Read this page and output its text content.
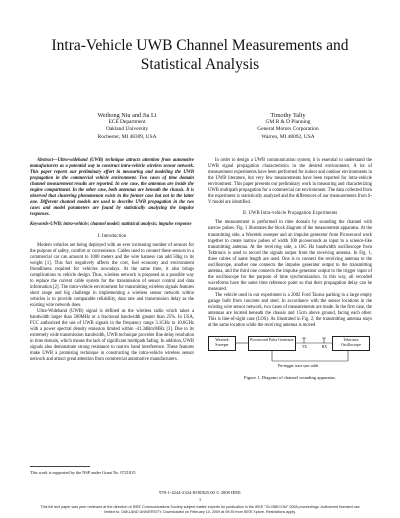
Intra-Vehicle UWB Channel Measurements and Statistical Analysis
Weihong Niu and Jia Li
ECE Department
Oakland University
Rochester, MI 48309, USA
Timothy Talty
GM R & D Planning
General Motors Corporation
Warren, MI 48092, USA

Abstract—Ultra-wideband (UWB) technique attracts attention from automotive manufacturers as a potential way to construct intra-vehicle wireless sensor network. This paper reports our preliminary effort in measuring and modeling the UWB propagation in the commercial vehicle environment. Two cases of time domain channel measurement results are reported. In one case, the antennas are inside the engine compartment. In the other case, both antennas are beneath the chassis. It is observed that clustering phenomenon exists in the former case but not in the latter one. Different channel models are used to describe UWB propagation in the two cases and model parameters are found by statistically analyzing the impulse responses.

Keywords-UWB; intra-vehicle; channel model; statistical analysis; impulse response

I. Introduction

Modern vehicles are being deployed with an ever increasing number of sensors for the purpose of safety, comfort or convenience. Cables used to connect these sensors in a commercial car can amount to 1000 meters and the wire harness can add 50kg to its weight [1]. This fact negatively affects the cost, fuel economy and environment friendliness required for vehicles nowadays. At the same time, it also brings complications to vehicle design. Thus, wireless network is proposed as a possible way to replace the current cable system for the transmission of sensor control and data information [2]. The intra-vehicle environment for transmitting wireless signals features short range and big challenge in implementing a wireless sensor network within vehicles is to provide comparable reliability, data rate and transmission delay as the existing wire network does.

Ultra-Wideband (UWB) signal is defined as the wireless radio which takes a bandwidth larger than 500MHz or a fractional bandwidth greater than 25%. In USA, FCC authorized the use of UWB signals in the frequency range 3.1GHz to 10.6GHz with a power spectral density emission limited within -41.3dBm/MHz [3]. Due to its extremely wide transmission bandwidth, UWB technique provides fine delay resolution in time domain, which means the lack of significant multipath fading. In addition, UWB signals also demonstrate strong resistance to narrow band interference. These features make UWB a promising technique in constructing the intra-vehicle wireless sensor network and attract great attention from commercial automotive manufacturers.

In order to design a UWB communication system, it is essential to understand the UWB signal propagation characteristics in the desired environment. A lot of measurement experiments have been performed for indoor and outdoor environments in the UWB literature, but very few measurements have been reported for intra-vehicle environment. This paper presents our preliminary work in measuring and characterizing UWB multipath propagation for a commercial car environment. The data collected from the experiment is statistically analyzed and the differences of our measurements from S-V model are identified.

II. UWB Intra-vehicle Propagation Experiments

The measurement is performed in time domain by sounding the channel with narrow pulses. Fig. 1 illustrates the block diagram of the measurement apparatus. At the transmitting side, a Wavetek sweeper and an impulse generator from Picosecond work together to create narrow pulses of width 100 picoseconds as input to a science-like transmitting antenna. At the receiving side, a 10G Hz bandwidth oscilloscope from Tektronix is used to record the signals output from the receiving antenna. In Fig. 1, three cables of same length are used. One is to connect the receiving antenna to the oscilloscope, another one connects the impulse generator output to the transmitting antenna, and the third one connects the impulse generator output to the trigger input of the oscilloscope for the purpose of time synchronization. In this way, all recorded waveforms have the same time reference point so that their propagation delay can be measured.

The vehicle used in our experiment is a 2002 Ford Taurus parking in a large empty garage built from concrete and steel. In accordance with the sensor locations in the existing wire sensor network, two cases of measurements are made. In the first case, the antennas are located beneath the chassis and 15cm above ground, facing each other. This is line-of-sight case (LOS). As illustrated in Fig. 2, the transmitting antenna stays at the same location while the receiving antenna is moved

TX	RX
Pre-trigger, trace sync cable
Wavetek Sweeper
Picosecond Pulse Generator	Tektronix Oscilloscope

Figure 1. Diagram of channel sounding apparatus.

This work is supported by the NSF under Grant No. 0721815.
978-1-4244-2324-8/08/$25.00 © 2008 IEEE
1
This full text paper was peer reviewed at the direction of IEEE Communications Society subject matter experts for publication in the IEEE "GLOBECOM" 2008 proceedings. Authorized licensed use limited to: OAKLAND UNIVERSITY. Downloaded on February 10, 2009 at 09:39 from IEEE Xplore. Restrictions apply.
